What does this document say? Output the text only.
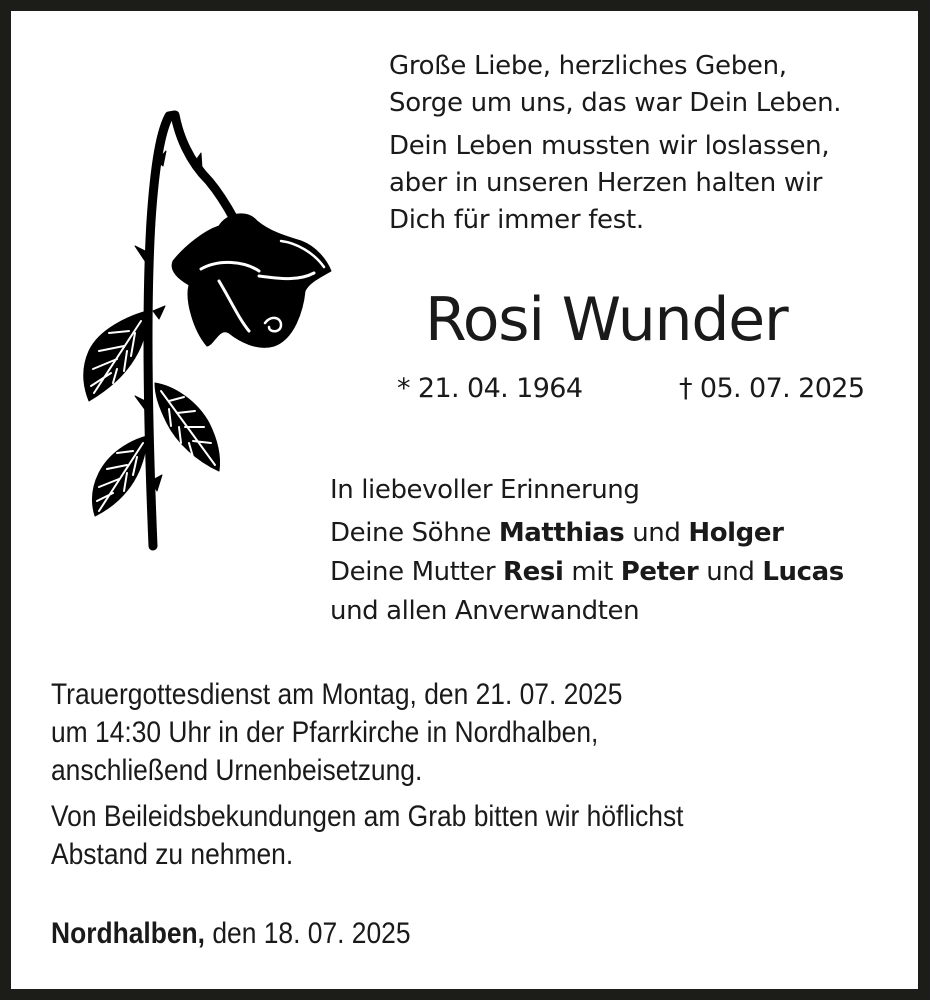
Große Liebe, herzliches Geben,

Sorge um uns, das war Dein Leben.

Dein Leben mussten wir loslassen,

aber in unseren Herzen halten wir

Dich für immer fest.

Rosi Wunder
* 21. 04. 1964	† 05. 07. 2025

In liebevoller Erinnerung

Deine Söhne Matthias und Holger

Deine Mutter Resi mit Peter und Lucas

und allen Anverwandten

Trauergottesdienst am Montag, den 21. 07. 2025

um 14:30 Uhr in der Pfarrkirche in Nordhalben,

anschließend Urnenbeisetzung.

Von Beileidsbekundungen am Grab bitten wir höflichst

Abstand zu nehmen.

Nordhalben, den 18. 07. 2025
